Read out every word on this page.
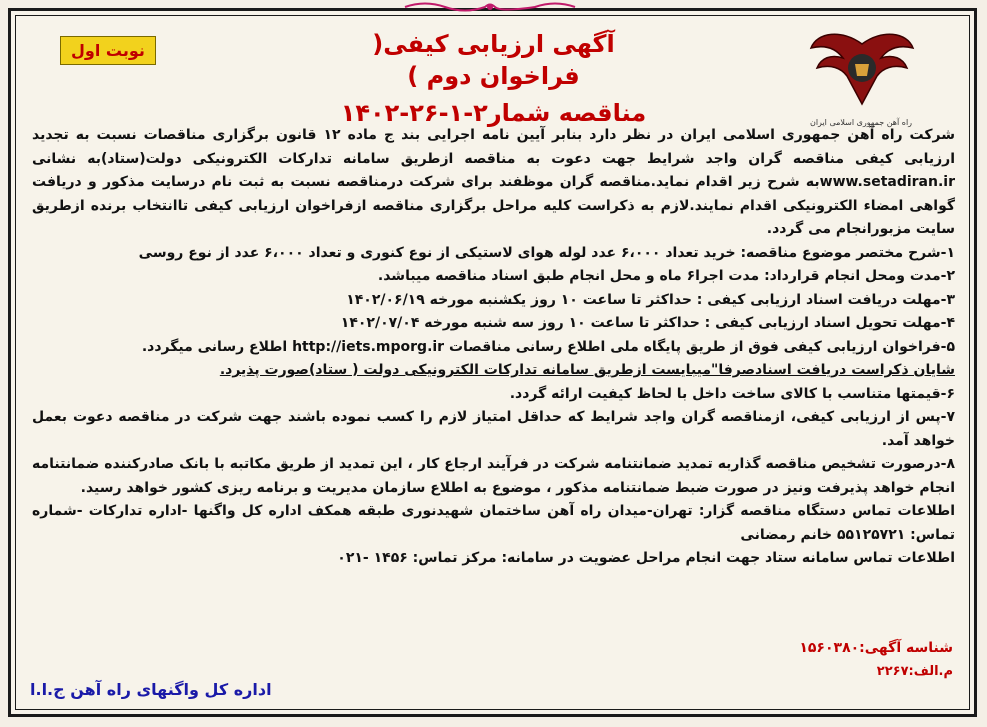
نوبت اول	آگهی ارزیابی کیفی( فراخوان دوم )
مناقصه شمار۲-۱-۲۶-۱۴۰۲	راه آهن جمهوری اسلامی ایران

شرکت راه آهن جمهوری اسلامی ایران در نظر دارد بنابر آیین نامه اجرایی بند ج ماده ۱۲ قانون برگزاری مناقصات نسبت به تجدید ارزیابی کیفی مناقصه گران واجد شرایط جهت دعوت به مناقصه ازطریق سامانه تدارکات الکترونیکی دولت(ستاد)به نشانی www.setadiran.irبه شرح زیر اقدام نماید.مناقصه گران موظفند برای شرکت درمناقصه نسبت به ثبت نام درسایت مذکور و دریافت گواهی امضاء الکترونیکی اقدام نمایند.لازم به ذکراست کلیه مراحل برگزاری مناقصه ازفراخوان ارزیابی کیفی تاانتخاب برنده ازطریق سایت مزبورانجام می گردد.

۱-شرح مختصر موضوع مناقصه: خرید تعداد ۶،۰۰۰ عدد لوله هوای لاستیکی از نوع کنوری و تعداد ۶،۰۰۰ عدد از نوع روسی

۲-مدت ومحل انجام قرارداد: مدت اجرا۶ ماه و محل انجام طبق اسناد مناقصه میباشد.

۳-مهلت دریافت اسناد ارزیابی کیفی : حداکثر تا ساعت ۱۰ روز یکشنبه مورخه ۱۴۰۲/۰۶/۱۹

۴-مهلت تحویل اسناد ارزیابی کیفی : حداکثر تا ساعت ۱۰ روز سه شنبه مورخه ۱۴۰۲/۰۷/۰۴

۵-فراخوان ارزیابی کیفی فوق از طریق پایگاه ملی اطلاع رسانی مناقصات http://iets.mporg.ir اطلاع رسانی میگردد.

شایان ذکراست دریافت اسنادصرفا"میبایست ازطریق سامانه تدارکات الکترونیکی دولت ( ستاد)صورت پذیرد.

۶-قیمتها متناسب با کالای ساخت داخل با لحاظ کیفیت ارائه گردد.

۷-پس از ارزیابی کیفی، ازمناقصه گران واجد شرایط که حداقل امتیاز لازم را کسب نموده باشند جهت شرکت در مناقصه دعوت بعمل خواهد آمد.

۸-درصورت تشخیص مناقصه گذاربه تمدید ضمانتنامه شرکت در فرآیند ارجاع کار ، این تمدید از طریق مکاتبه با بانک صادرکننده ضمانتنامه انجام خواهد پذیرفت ونیز در صورت ضبط ضمانتنامه مذکور ، موضوع به اطلاع سازمان مدیریت و برنامه ریزی کشور خواهد رسید.

اطلاعات تماس دستگاه مناقصه گزار: تهران-میدان راه آهن ساختمان شهیدنوری طبقه همکف اداره کل واگنها -اداره تدارکات -شماره تماس: ۵۵۱۲۵۷۲۱ خانم رمضانی

اطلاعات تماس سامانه ستاد جهت انجام مراحل عضویت در سامانه: مرکز تماس: ۱۴۵۶ -۰۲۱

شناسه آگهی:۱۵۶۰۳۸۰
م.الف:۲۲۶۷
اداره کل واگنهای راه آهن ج.ا.ا
